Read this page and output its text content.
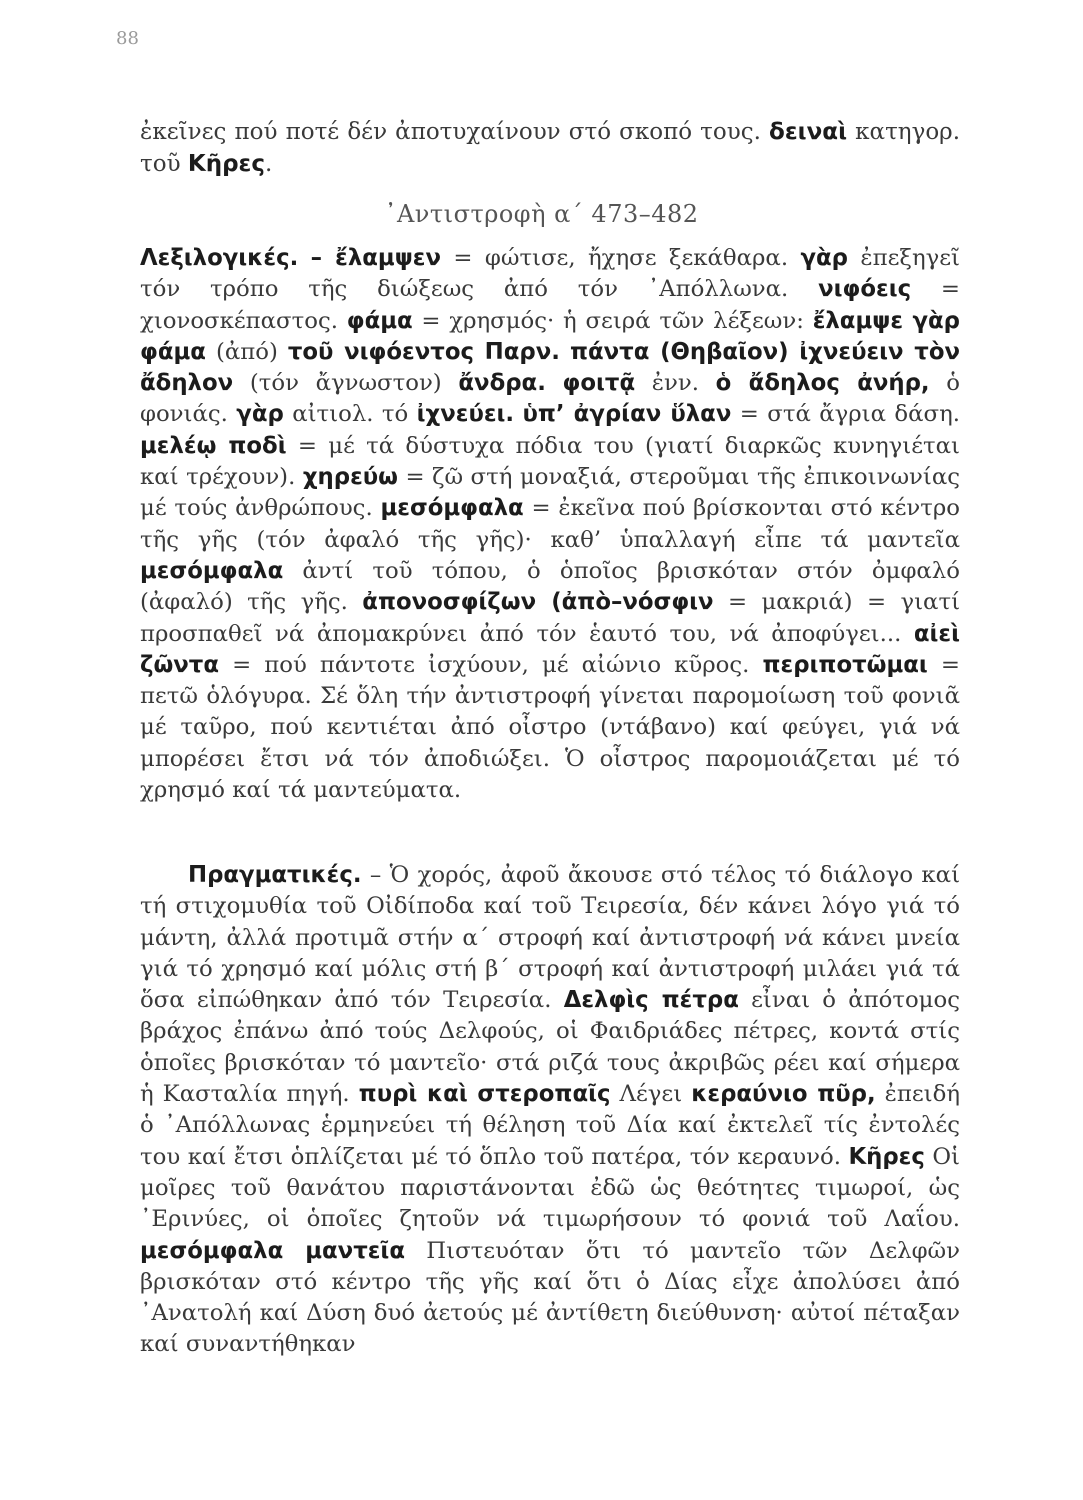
88

ἐκεῖνες πού ποτέ δέν ἀποτυχαίνουν στό σκοπό τους. δειναὶ κατηγορ. τοῦ Κῆρες.

᾿Αντιστροφὴ α΄ 473–482

Λεξιλογικές. – ἔλαμψεν = φώτισε, ἤχησε ξεκάθαρα. γὰρ ἐπεξηγεῖ τόν τρόπο τῆς διώξεως ἀπό τόν ᾿Απόλλωνα. νιφόεις = χιονοσκέπαστος. φάμα = χρησμός· ἡ σειρά τῶν λέξεων: ἔλαμψε γὰρ φάμα (ἀπό) τοῦ νιφόεντος Παρν. πάντα (Θηβαῖον) ἰχνεύειν τὸν ἄδηλον (τόν ἄγνωστον) ἄνδρα. φοιτᾷ ἐνν. ὁ ἄδηλος ἀνήρ, ὁ φονιάς. γὰρ αἰτιολ. τό ἰχνεύει. ὑπ’ ἀγρίαν ὕλαν = στά ἄγρια δάση. μελέῳ ποδὶ = μέ τά δύστυχα πόδια του (γιατί διαρκῶς κυνηγιέται καί τρέχουν). χηρεύω = ζῶ στή μοναξιά, στεροῦμαι τῆς ἐπικοινωνίας μέ τούς ἀνθρώπους. μεσόμφαλα = ἐκεῖνα πού βρίσκονται στό κέντρο τῆς γῆς (τόν ἀφαλό τῆς γῆς)· καθ’ ὑπαλλαγή εἶπε τά μαντεῖα μεσόμφαλα ἀντί τοῦ τόπου, ὁ ὁποῖος βρισκόταν στόν ὀμφαλό (ἀφαλό) τῆς γῆς. ἀπονοσφίζων (ἀπὸ–νόσφιν = μακριά) = γιατί προσπαθεῖ νά ἀπομακρύνει ἀπό τόν ἑαυτό του, νά ἀποφύγει... αἰεὶ ζῶντα = πού πάντοτε ἰσχύουν, μέ αἰώνιο κῦρος. περιποτῶμαι = πετῶ ὁλόγυρα. Σέ ὅλη τήν ἀντιστροφή γίνεται παρομοίωση τοῦ φονιᾶ μέ ταῦρο, πού κεντιέται ἀπό οἶστρο (ντάβανο) καί φεύγει, γιά νά μπορέσει ἔτσι νά τόν ἀποδιώξει. Ὁ οἶστρος παρομοιάζεται μέ τό χρησμό καί τά μαντεύματα.

Πραγματικές. – Ὁ χορός, ἀφοῦ ἄκουσε στό τέλος τό διάλογο καί τή στιχομυθία τοῦ Οἰδίποδα καί τοῦ Τειρεσία, δέν κάνει λόγο γιά τό μάντη, ἀλλά προτιμᾶ στήν α΄ στροφή καί ἀντιστροφή νά κάνει μνεία γιά τό χρησμό καί μόλις στή β΄ στροφή καί ἀντιστροφή μιλάει γιά τά ὅσα εἰπώθηκαν ἀπό τόν Τειρεσία. Δελφὶς πέτρα εἶναι ὁ ἀπότομος βράχος ἐπάνω ἀπό τούς Δελφούς, οἱ Φαιδριάδες πέτρες, κοντά στίς ὁποῖες βρισκόταν τό μαντεῖο· στά ριζά τους ἀκριβῶς ρέει καί σήμερα ἡ Κασταλία πηγή. πυρὶ καὶ στεροπαῖς Λέγει κεραύνιο πῦρ, ἐπειδή ὁ ᾿Απόλλωνας ἑρμηνεύει τή θέληση τοῦ Δία καί ἐκτελεῖ τίς ἐντολές του καί ἔτσι ὁπλίζεται μέ τό ὅπλο τοῦ πατέρα, τόν κεραυνό. Κῆρες Οἱ μοῖρες τοῦ θανάτου παριστάνονται ἐδῶ ὡς θεότητες τιμωροί, ὡς ᾿Ερινύες, οἱ ὁποῖες ζητοῦν νά τιμωρήσουν τό φονιά τοῦ Λαΐου. μεσόμφαλα μαντεῖα Πιστευόταν ὅτι τό μαντεῖο τῶν Δελφῶν βρισκόταν στό κέντρο τῆς γῆς καί ὅτι ὁ Δίας εἶχε ἀπολύσει ἀπό ᾿Ανατολή καί Δύση δυό ἀετούς μέ ἀντίθετη διεύθυνση· αὐτοί πέταξαν καί συναντήθηκαν
